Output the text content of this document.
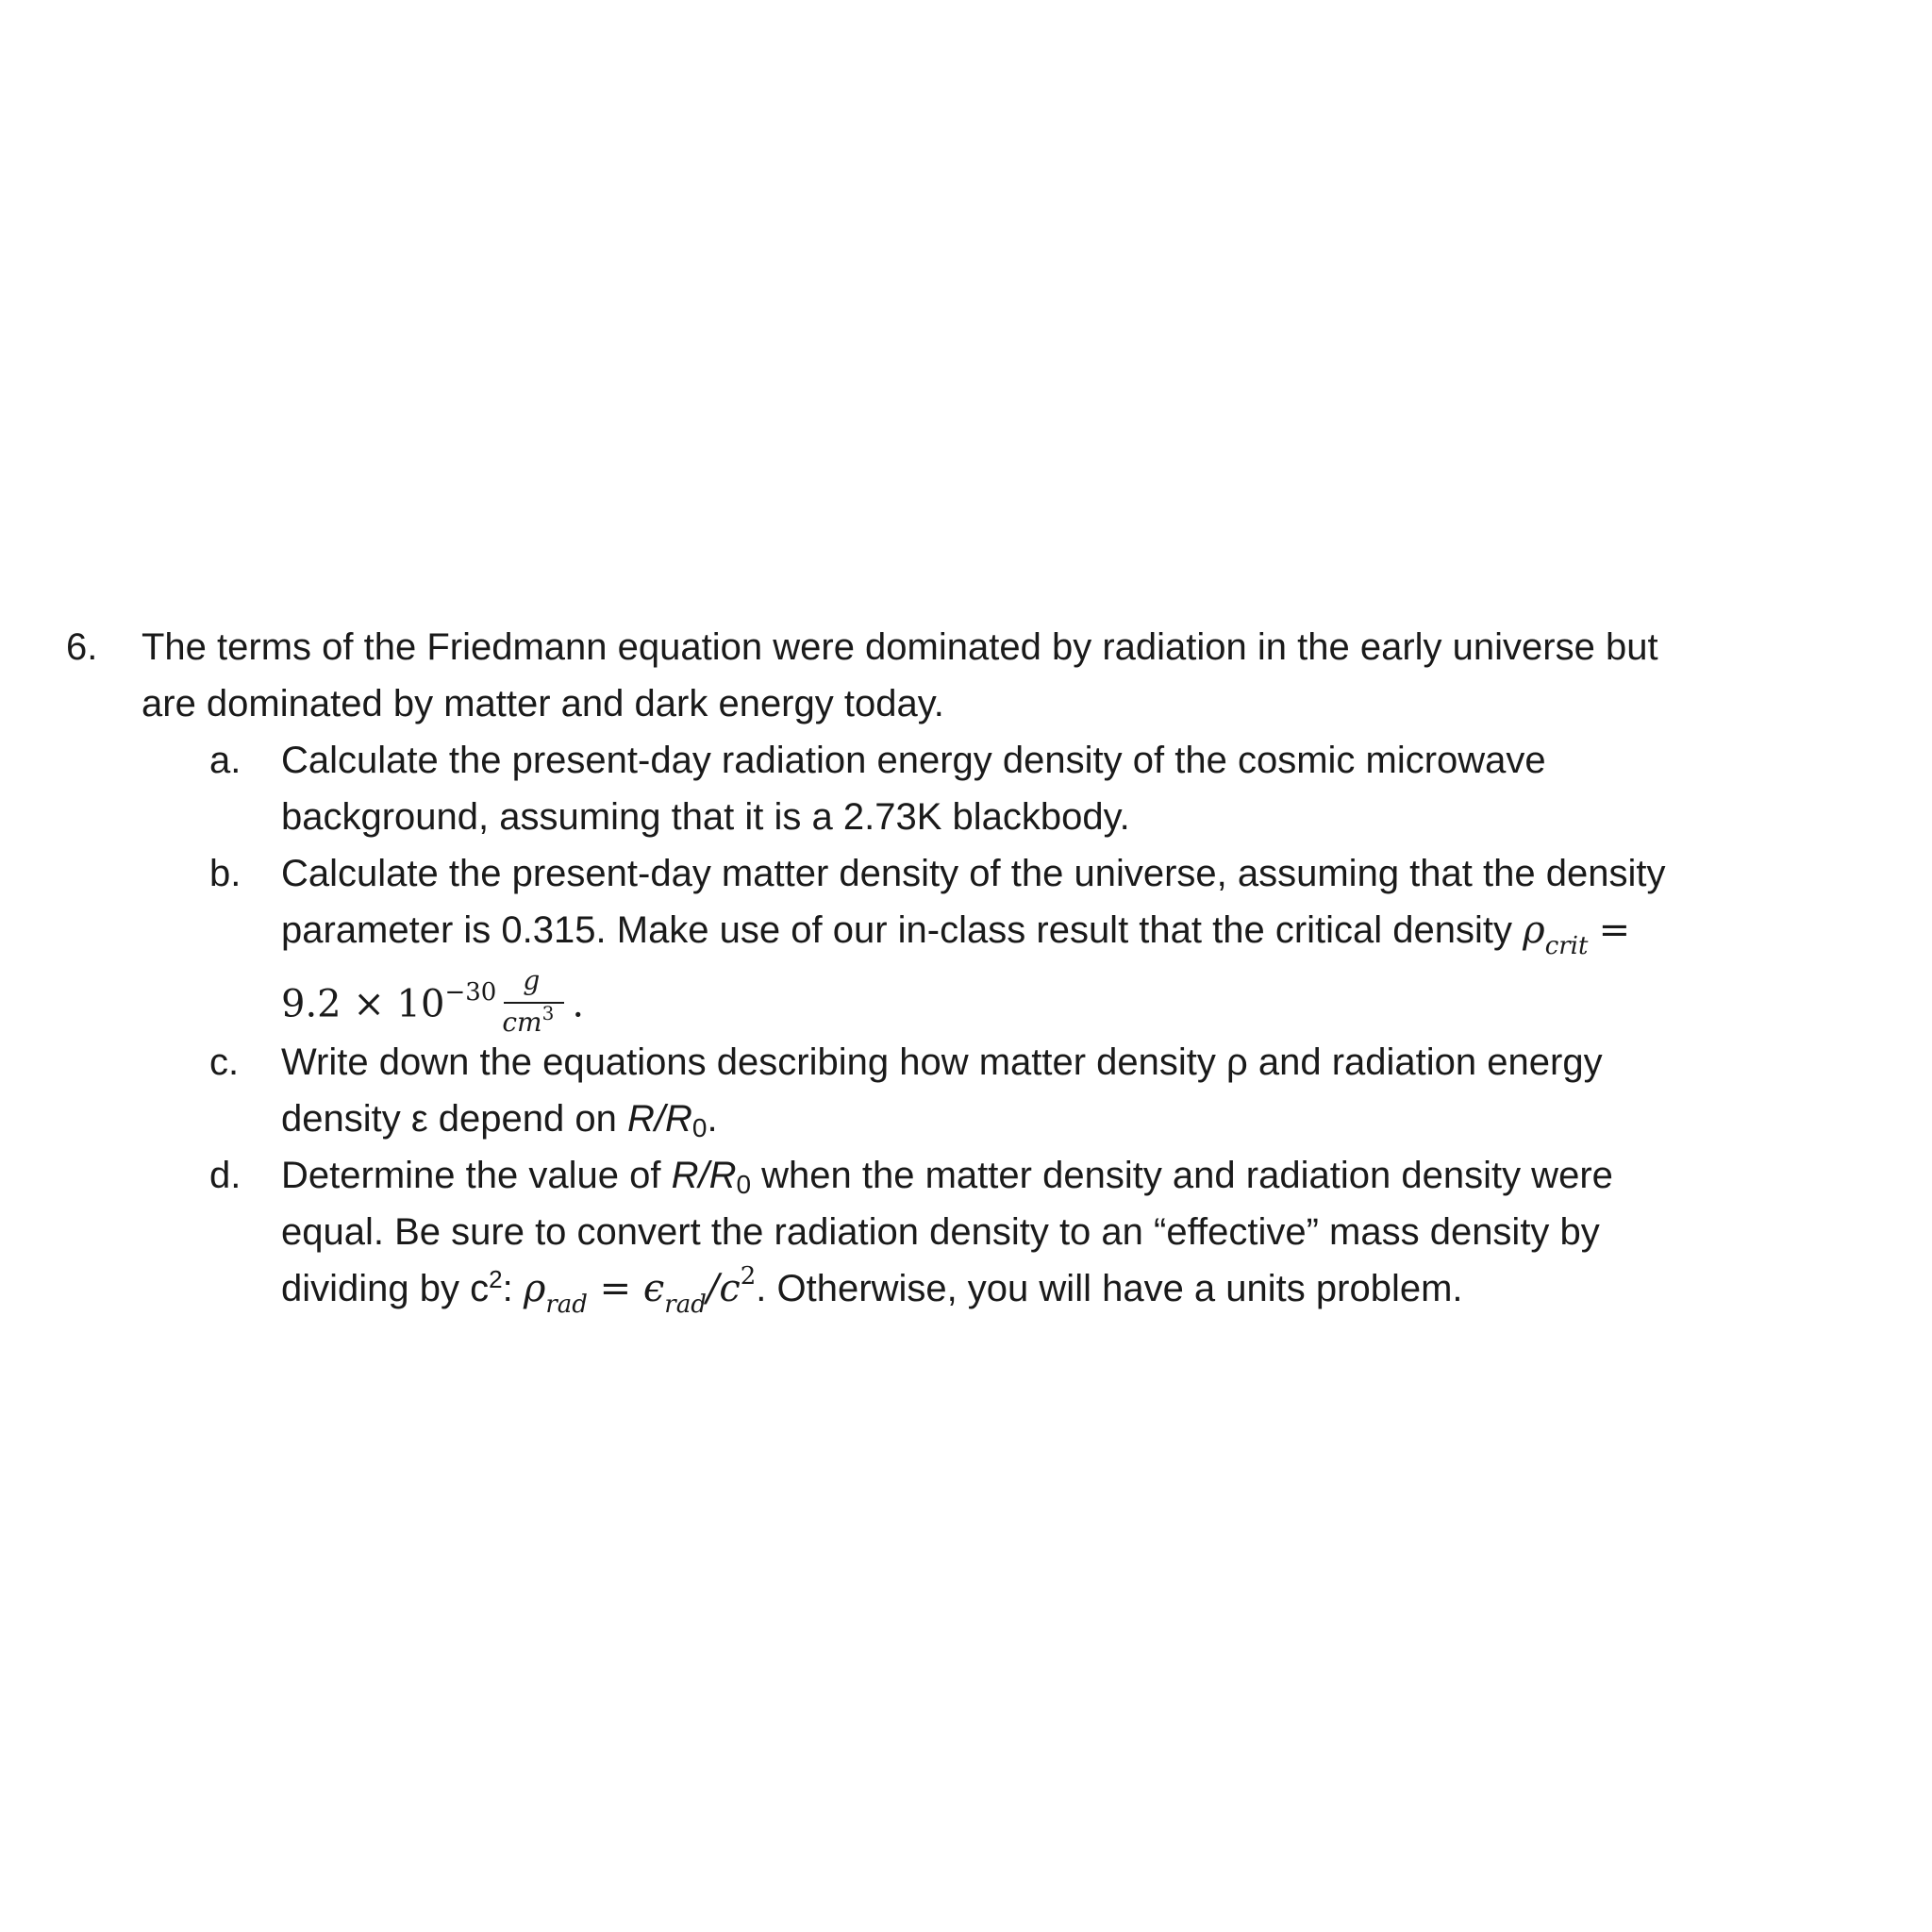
6. The terms of the Friedmann equation were dominated by radiation in the early universe but
are dominated by matter and dark energy today.
a. Calculate the present-day radiation energy density of the cosmic microwave
background, assuming that it is a 2.73K blackbody.
b. Calculate the present-day matter density of the universe, assuming that the density
parameter is 0.315. Make use of our in-class result that the critical density $\rho_{crit}$ =
$9.2 \times 10^{-30} \frac{g}{cm^3}$ .
c. Write down the equations describing how matter density ρ and radiation energy
density ε depend on R/R0.
d. Determine the value of R/R0 when the matter density and radiation density were
equal. Be sure to convert the radiation density to an “effective” mass density by
dividing by $c^2$: $\rho_{rad} = \epsilon_{rad}/c^2$. Otherwise, you will have a units problem.
